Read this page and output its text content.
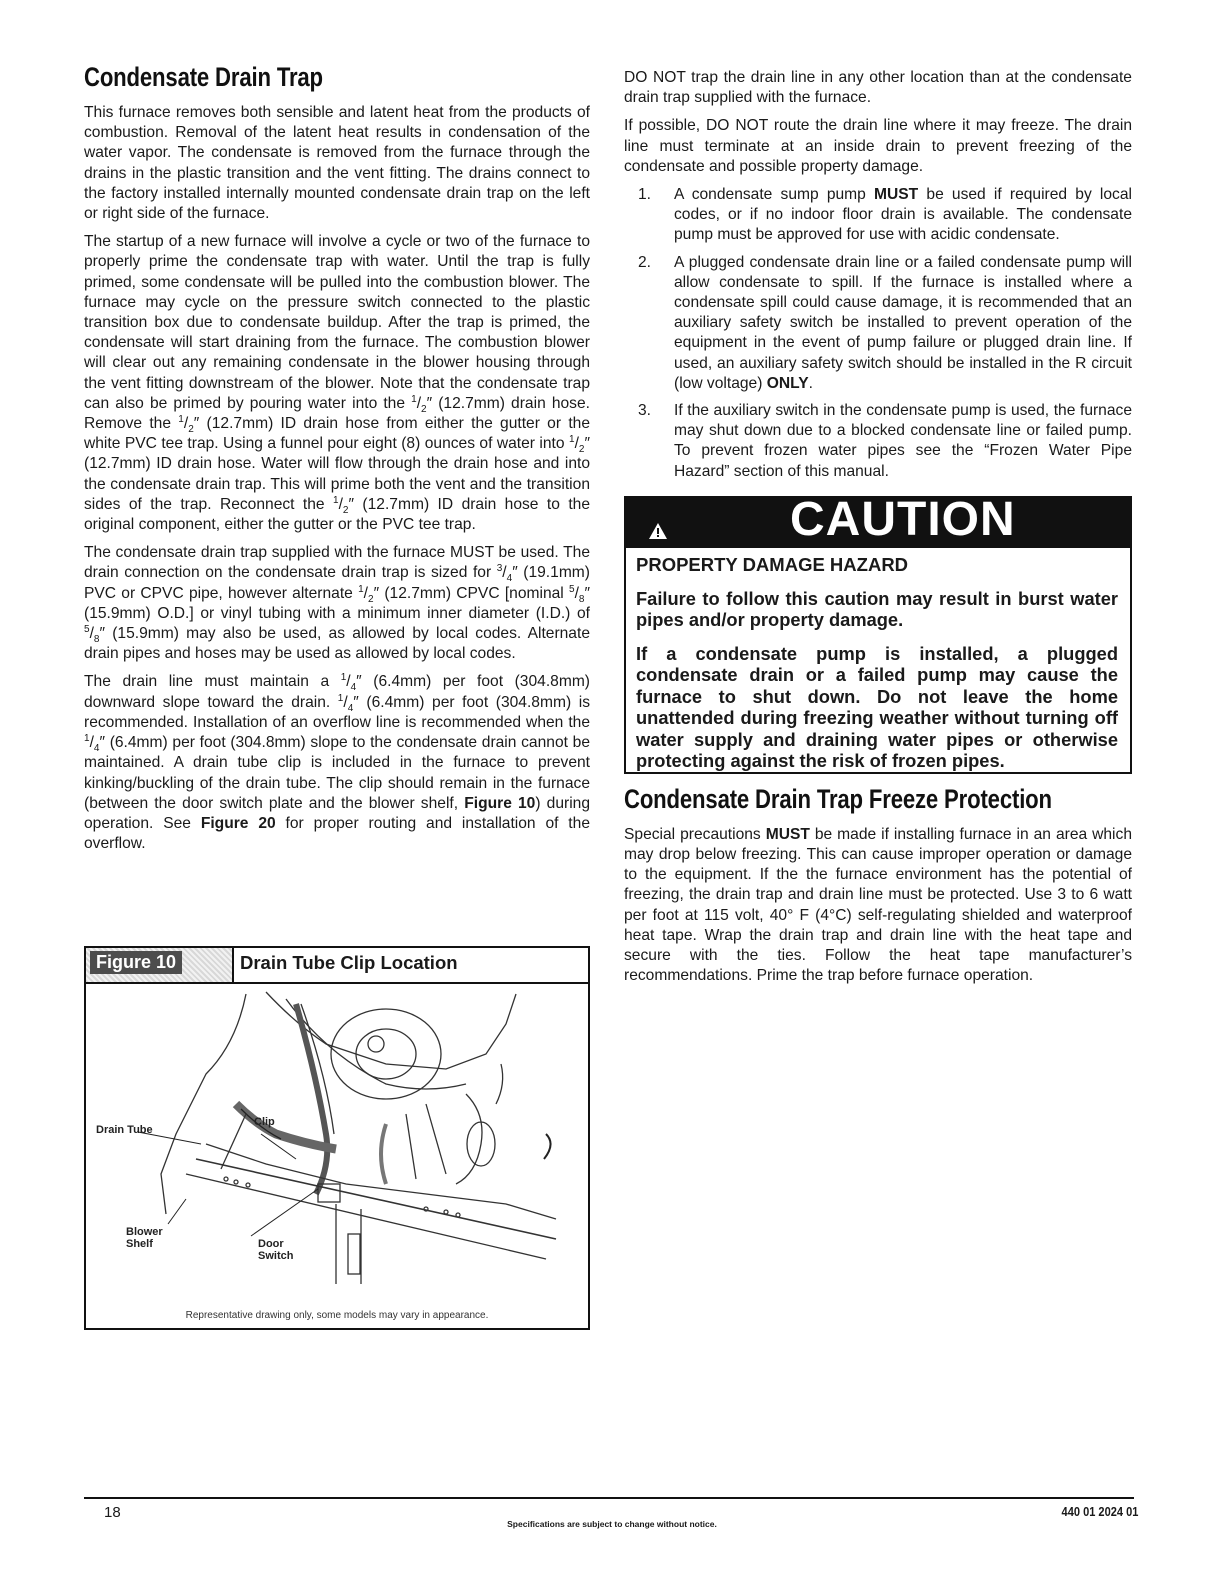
Condensate Drain Trap

This furnace removes both sensible and latent heat from the products of combustion. Removal of the latent heat results in condensation of the water vapor. The condensate is removed from the furnace through the drains in the plastic transition and the vent fitting. The drains connect to the factory installed internally mounted condensate drain trap on the left or right side of the furnace.

The startup of a new furnace will involve a cycle or two of the furnace to properly prime the condensate trap with water. Until the trap is fully primed, some condensate will be pulled into the combustion blower. The furnace may cycle on the pressure switch connected to the plastic transition box due to condensate buildup. After the trap is primed, the condensate will start draining from the furnace. The combustion blower will clear out any remaining condensate in the blower housing through the vent fitting downstream of the blower. Note that the condensate trap can also be primed by pouring water into the $^1/_2''$ (12.7mm) drain hose. Remove the $^1/_2''$ (12.7mm) ID drain hose from either the gutter or the white PVC tee trap. Using a funnel pour eight (8) ounces of water into $^1/_2''$ (12.7mm) ID drain hose. Water will flow through the drain hose and into the condensate drain trap. This will prime both the vent and the transition sides of the trap. Reconnect the $^1/_2''$ (12.7mm) ID drain hose to the original component, either the gutter or the PVC tee trap.

The condensate drain trap supplied with the furnace MUST be used. The drain connection on the condensate drain trap is sized for $^3/_4''$ (19.1mm) PVC or CPVC pipe, however alternate $^1/_2''$ (12.7mm) CPVC [nominal $^5/_8''$ (15.9mm) O.D.] or vinyl tubing with a minimum inner diameter (I.D.) of $^5/_8''$ (15.9mm) may also be used, as allowed by local codes. Alternate drain pipes and hoses may be used as allowed by local codes.

The drain line must maintain a $^1/_4''$ (6.4mm) per foot (304.8mm) downward slope toward the drain. $^1/_4''$ (6.4mm) per foot (304.8mm) is recommended. Installation of an overflow line is recommended when the $^1/_4''$ (6.4mm) per foot (304.8mm) slope to the condensate drain cannot be maintained. A drain tube clip is included in the furnace to prevent kinking/buckling of the drain tube. The clip should remain in the furnace (between the door switch plate and the blower shelf, Figure 10) during operation. See Figure 20 for proper routing and installation of the overflow.

Figure 10	Drain Tube Clip Location
Drain Tube
Clip
Blower
Shelf	Door
Switch
Representative drawing only, some models may vary in appearance.

DO NOT trap the drain line in any other location than at the condensate drain trap supplied with the furnace.

If possible, DO NOT route the drain line where it may freeze. The drain line must terminate at an inside drain to prevent freezing of the condensate and possible property damage.

1. A condensate sump pump MUST be used if required by local codes, or if no indoor floor drain is available. The condensate pump must be approved for use with acidic condensate.
2. A plugged condensate drain line or a failed condensate pump will allow condensate to spill. If the furnace is installed where a condensate spill could cause damage, it is recommended that an auxiliary safety switch be installed to prevent operation of the equipment in the event of pump failure or plugged drain line. If used, an auxiliary safety switch should be installed in the R circuit (low voltage) ONLY.
3. If the auxiliary switch in the condensate pump is used, the furnace may shut down due to a blocked condensate line or failed pump. To prevent frozen water pipes see the “Frozen Water Pipe Hazard” section of this manual.
CAUTION
PROPERTY DAMAGE HAZARD
Failure to follow this caution may result in burst water pipes and/or property damage.
If a condensate pump is installed, a plugged condensate drain or a failed pump may cause the furnace to shut down. Do not leave the home unattended during freezing weather without turning off water supply and draining water pipes or otherwise protecting against the risk of frozen pipes.
Condensate Drain Trap Freeze Protection

Special precautions MUST be made if installing furnace in an area which may drop below freezing. This can cause improper operation or damage to the equipment. If the the furnace environment has the potential of freezing, the drain trap and drain line must be protected. Use 3 to 6 watt per foot at 115 volt, 40° F (4°C) self-regulating shielded and waterproof heat tape. Wrap the drain trap and drain line with the heat tape and secure with the ties. Follow the heat tape manufacturer’s recommendations. Prime the trap before furnace operation.

18
Specifications are subject to change without notice.
440 01 2024 01
